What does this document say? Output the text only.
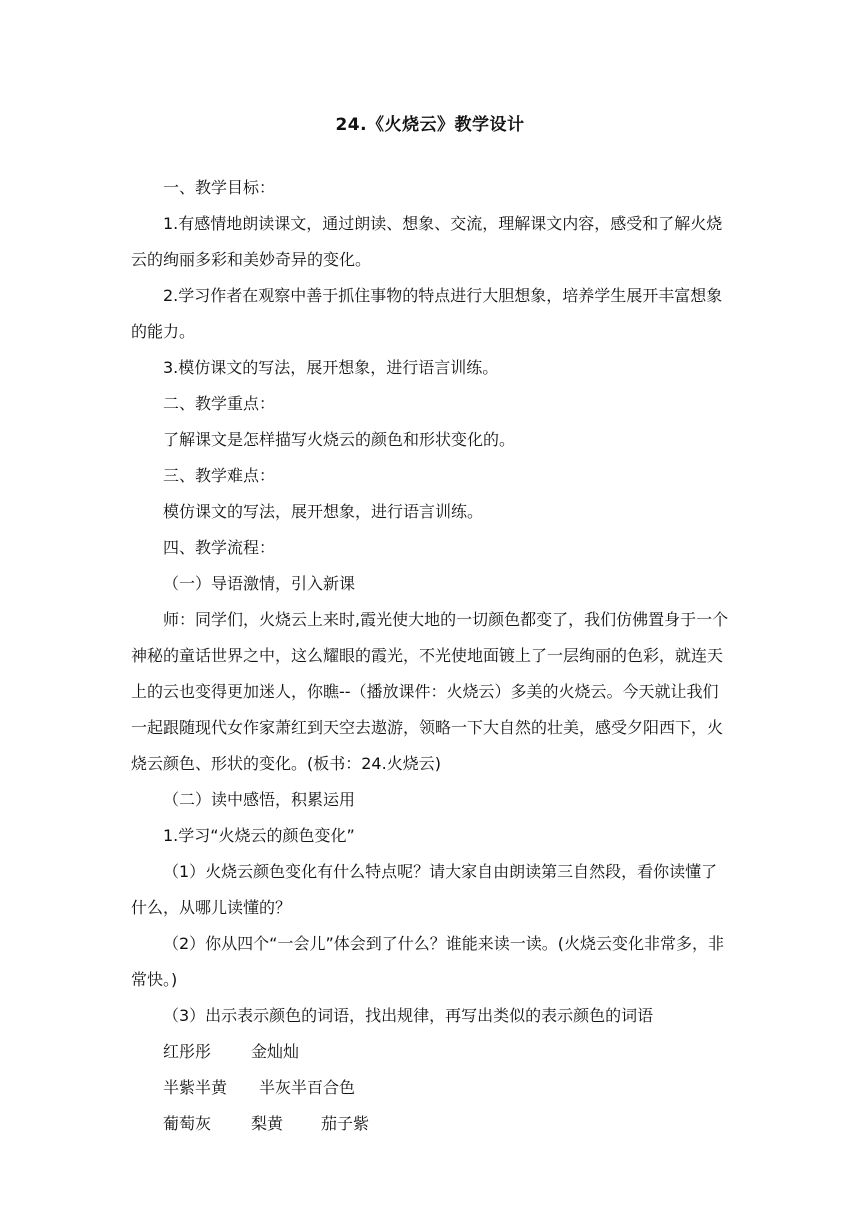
24.《火烧云》教学设计

一、教学目标：

1.有感情地朗读课文，通过朗读、想象、交流，理解课文内容，感受和了解火烧云的绚丽多彩和美妙奇异的变化。

2.学习作者在观察中善于抓住事物的特点进行大胆想象，培养学生展开丰富想象的能力。

3.模仿课文的写法，展开想象，进行语言训练。

二、教学重点：

了解课文是怎样描写火烧云的颜色和形状变化的。

三、教学难点：

模仿课文的写法，展开想象，进行语言训练。

四、教学流程：

（一）导语激情，引入新课

师：同学们，火烧云上来时,霞光使大地的一切颜色都变了，我们仿佛置身于一个神秘的童话世界之中，这么耀眼的霞光，不光使地面镀上了一层绚丽的色彩，就连天上的云也变得更加迷人，你瞧--（播放课件：火烧云）多美的火烧云。今天就让我们一起跟随现代女作家萧红到天空去遨游，领略一下大自然的壮美，感受夕阳西下，火烧云颜色、形状的变化。(板书：24.火烧云)

（二）读中感悟，积累运用

1.学习“火烧云的颜色变化”

（1）火烧云颜色变化有什么特点呢？请大家自由朗读第三自然段，看你读懂了什么，从哪儿读懂的？

（2）你从四个“一会儿”体会到了什么？谁能来读一读。(火烧云变化非常多，非常快。)

（3）出示表示颜色的词语，找出规律，再写出类似的表示颜色的词语

红彤彤 金灿灿
半紫半黄 半灰半百合色
葡萄灰 梨黄 茄子紫
